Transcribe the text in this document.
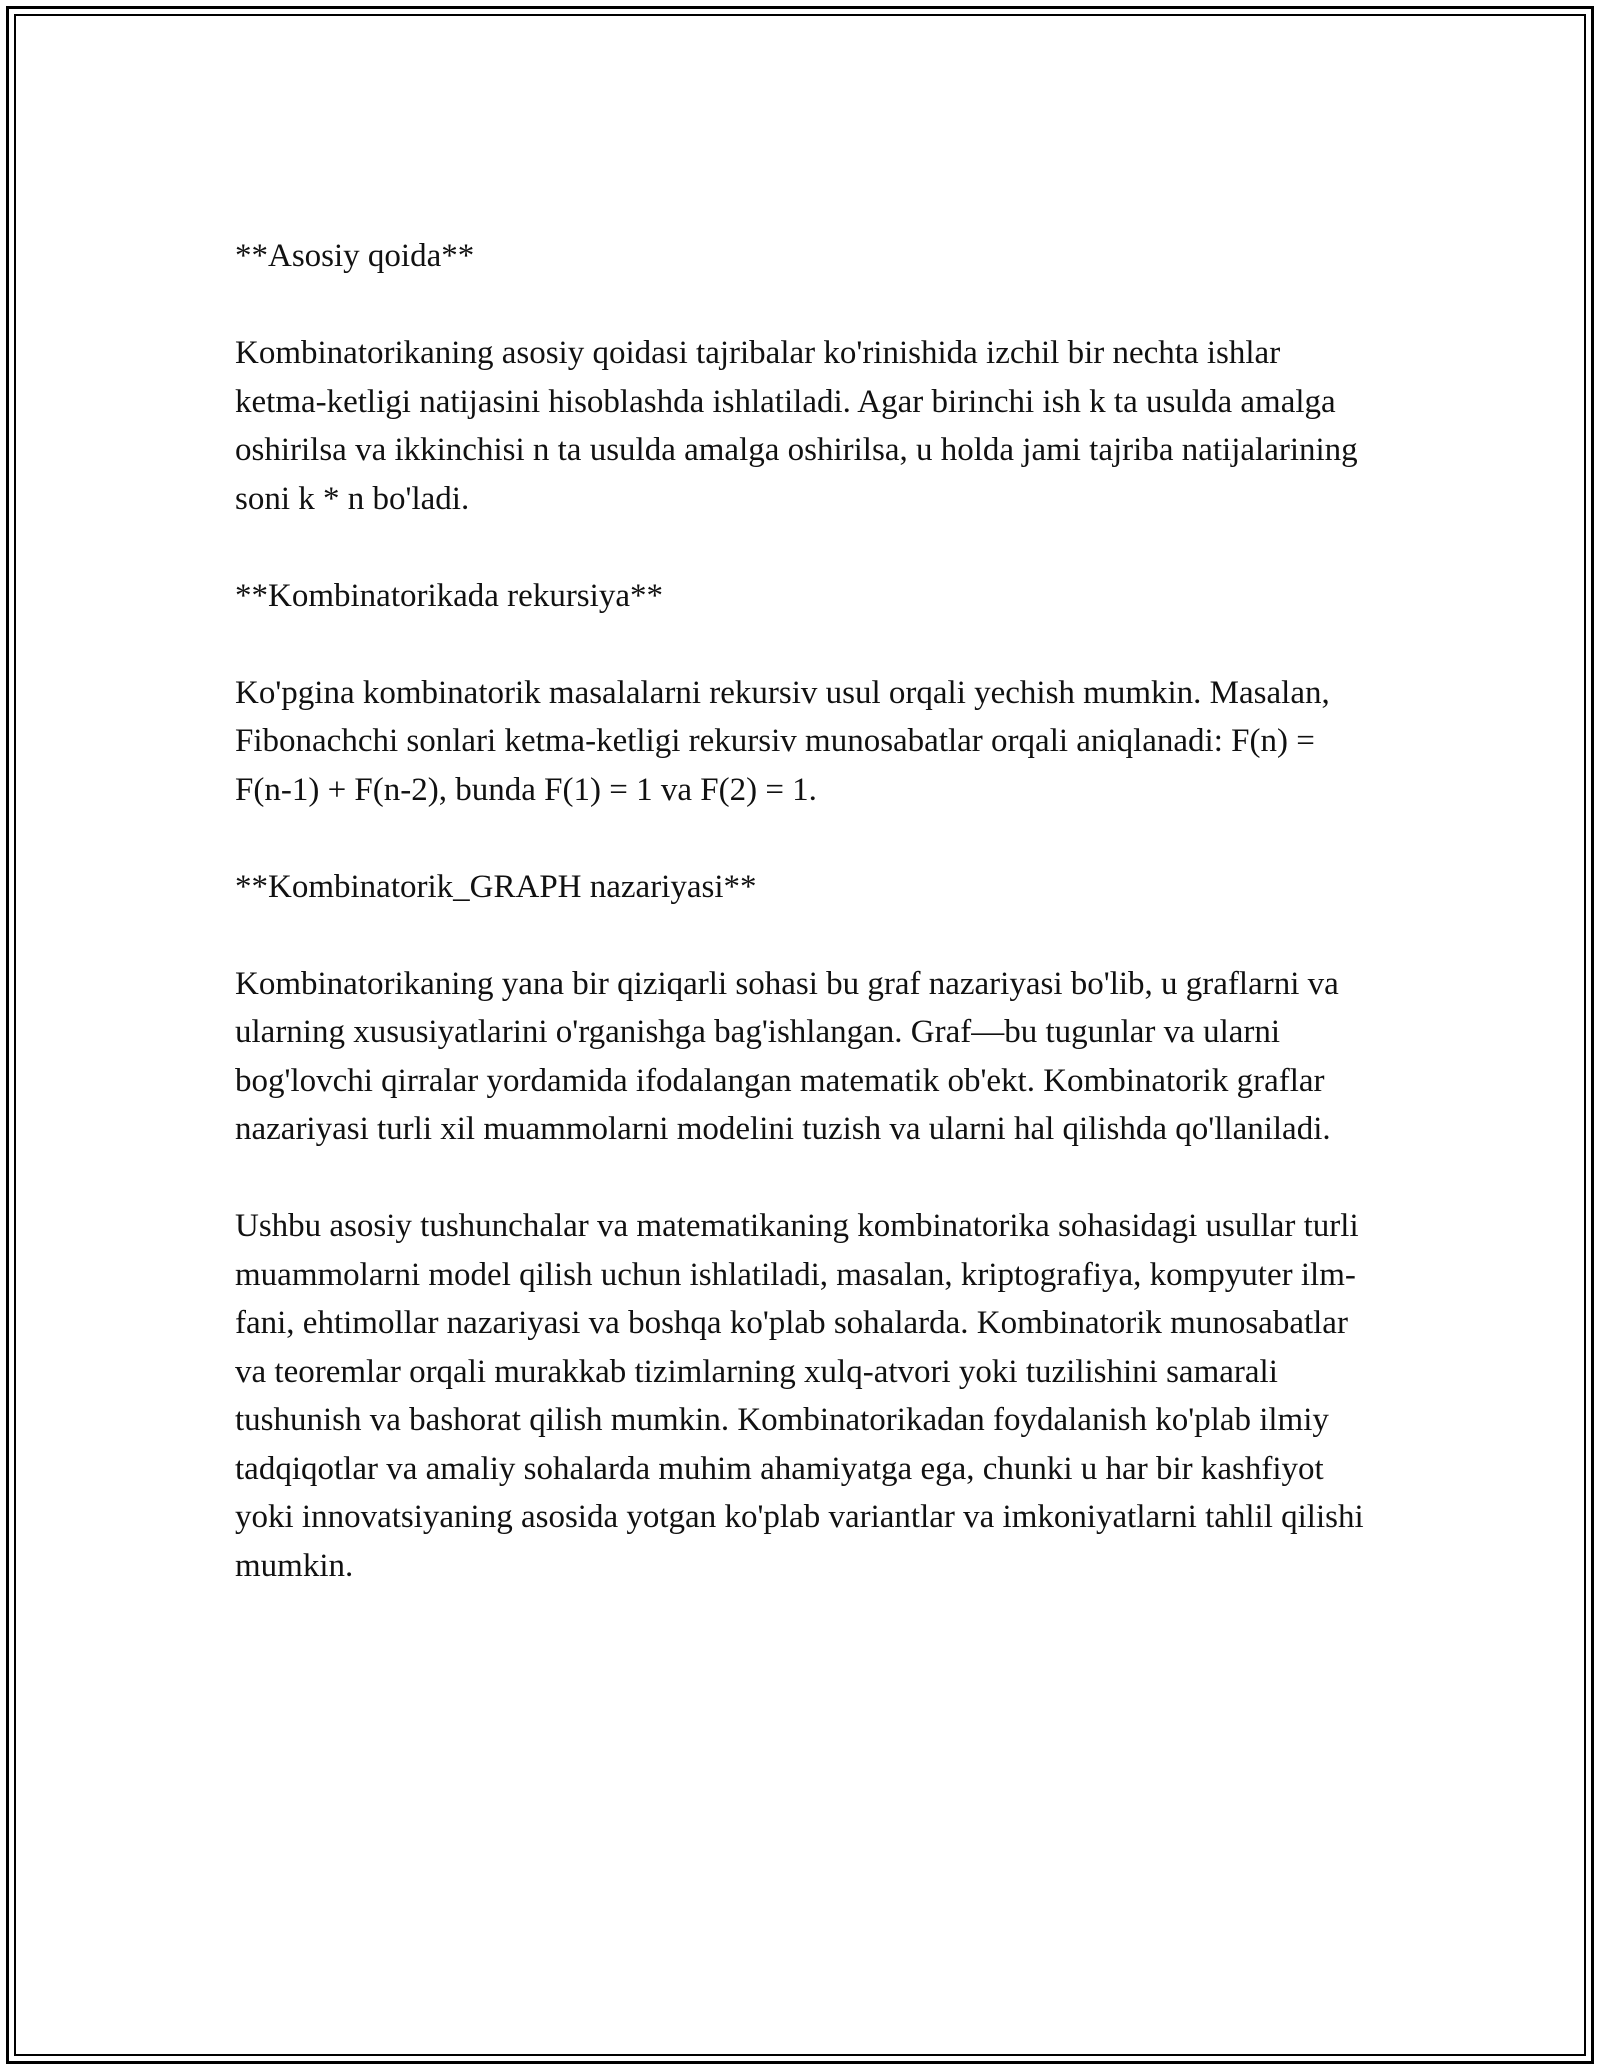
**Asosiy qoida**

Kombinatorikaning asosiy qoidasi tajribalar ko'rinishida izchil bir nechta ishlar ketma-ketligi natijasini hisoblashda ishlatiladi. Agar birinchi ish k ta usulda amalga oshirilsa va ikkinchisi n ta usulda amalga oshirilsa, u holda jami tajriba natijalarining soni k * n bo'ladi.

**Kombinatorikada rekursiya**

Ko'pgina kombinatorik masalalarni rekursiv usul orqali yechish mumkin. Masalan, Fibonachchi sonlari ketma-ketligi rekursiv munosabatlar orqali aniqlanadi: F(n) = F(n-1) + F(n-2), bunda F(1) = 1 va F(2) = 1.

**Kombinatorik_GRAPH nazariyasi**

Kombinatorikaning yana bir qiziqarli sohasi bu graf nazariyasi bo'lib, u graflarni va ularning xususiyatlarini o'rganishga bag'ishlangan. Graf—bu tugunlar va ularni bog'lovchi qirralar yordamida ifodalangan matematik ob'ekt. Kombinatorik graflar nazariyasi turli xil muammolarni modelini tuzish va ularni hal qilishda qo'llaniladi.

Ushbu asosiy tushunchalar va matematikaning kombinatorika sohasidagi usullar turli muammolarni model qilish uchun ishlatiladi, masalan, kriptografiya, kompyuter ilm-fani, ehtimollar nazariyasi va boshqa ko'plab sohalarda. Kombinatorik munosabatlar va teoremlar orqali murakkab tizimlarning xulq-atvori yoki tuzilishini samarali tushunish va bashorat qilish mumkin. Kombinatorikadan foydalanish ko'plab ilmiy tadqiqotlar va amaliy sohalarda muhim ahamiyatga ega, chunki u har bir kashfiyot yoki innovatsiyaning asosida yotgan ko'plab variantlar va imkoniyatlarni tahlil qilishi mumkin.
